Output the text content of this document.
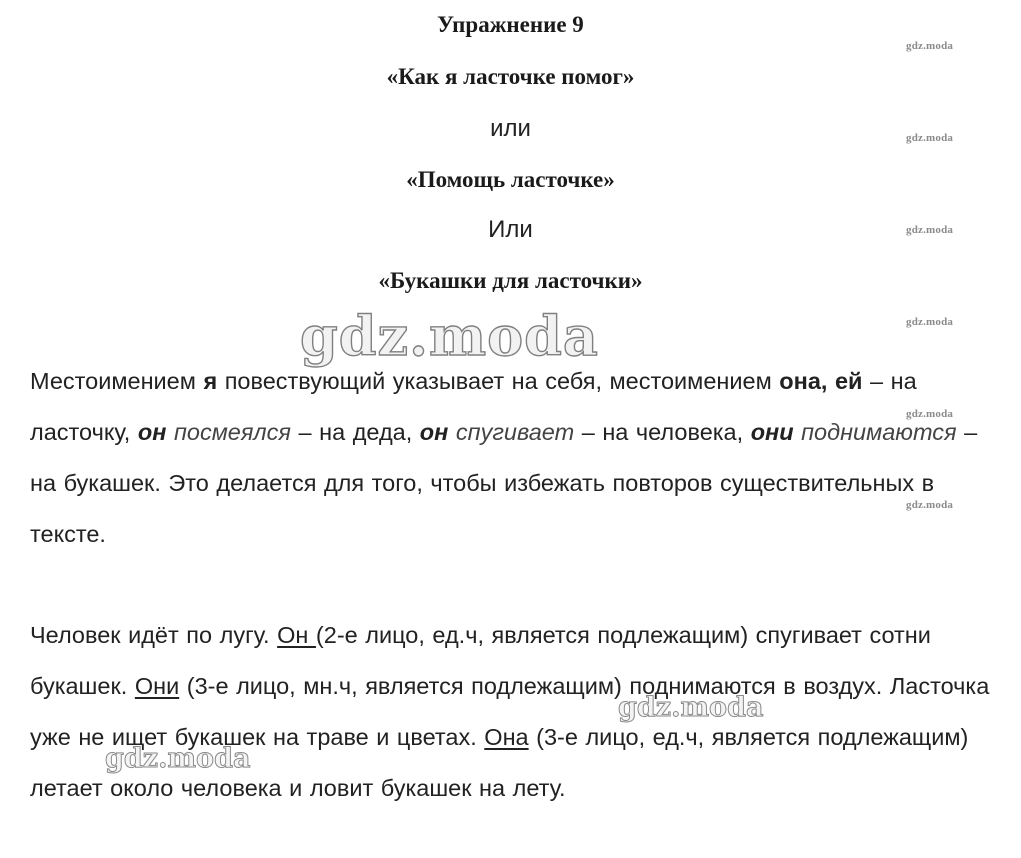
Упражнение 9

«Как я ласточке помог»

или

«Помощь ласточке»

Или

«Букашки для ласточки»

Местоимением я повествующий указывает на себя, местоимением она, ей – на ласточку, он посмеялся – на деда, он спугивает – на человека, они поднимаются – на букашек. Это делается для того, чтобы избежать повторов существительных в тексте.

Человек идёт по лугу. Он (2-е лицо, ед.ч, является подлежащим) спугивает сотни букашек. Они (3-е лицо, мн.ч, является подлежащим) поднимаются в воздух. Ласточка уже не ищет букашек на траве и цветах. Она (3-е лицо, ед.ч, является подлежащим) летает около человека и ловит букашек на лету.

gdz.moda
gdz.moda
gdz.moda
gdz.moda
gdz.moda
gdz.moda
gdz.moda
gdz.moda
gdz.moda
